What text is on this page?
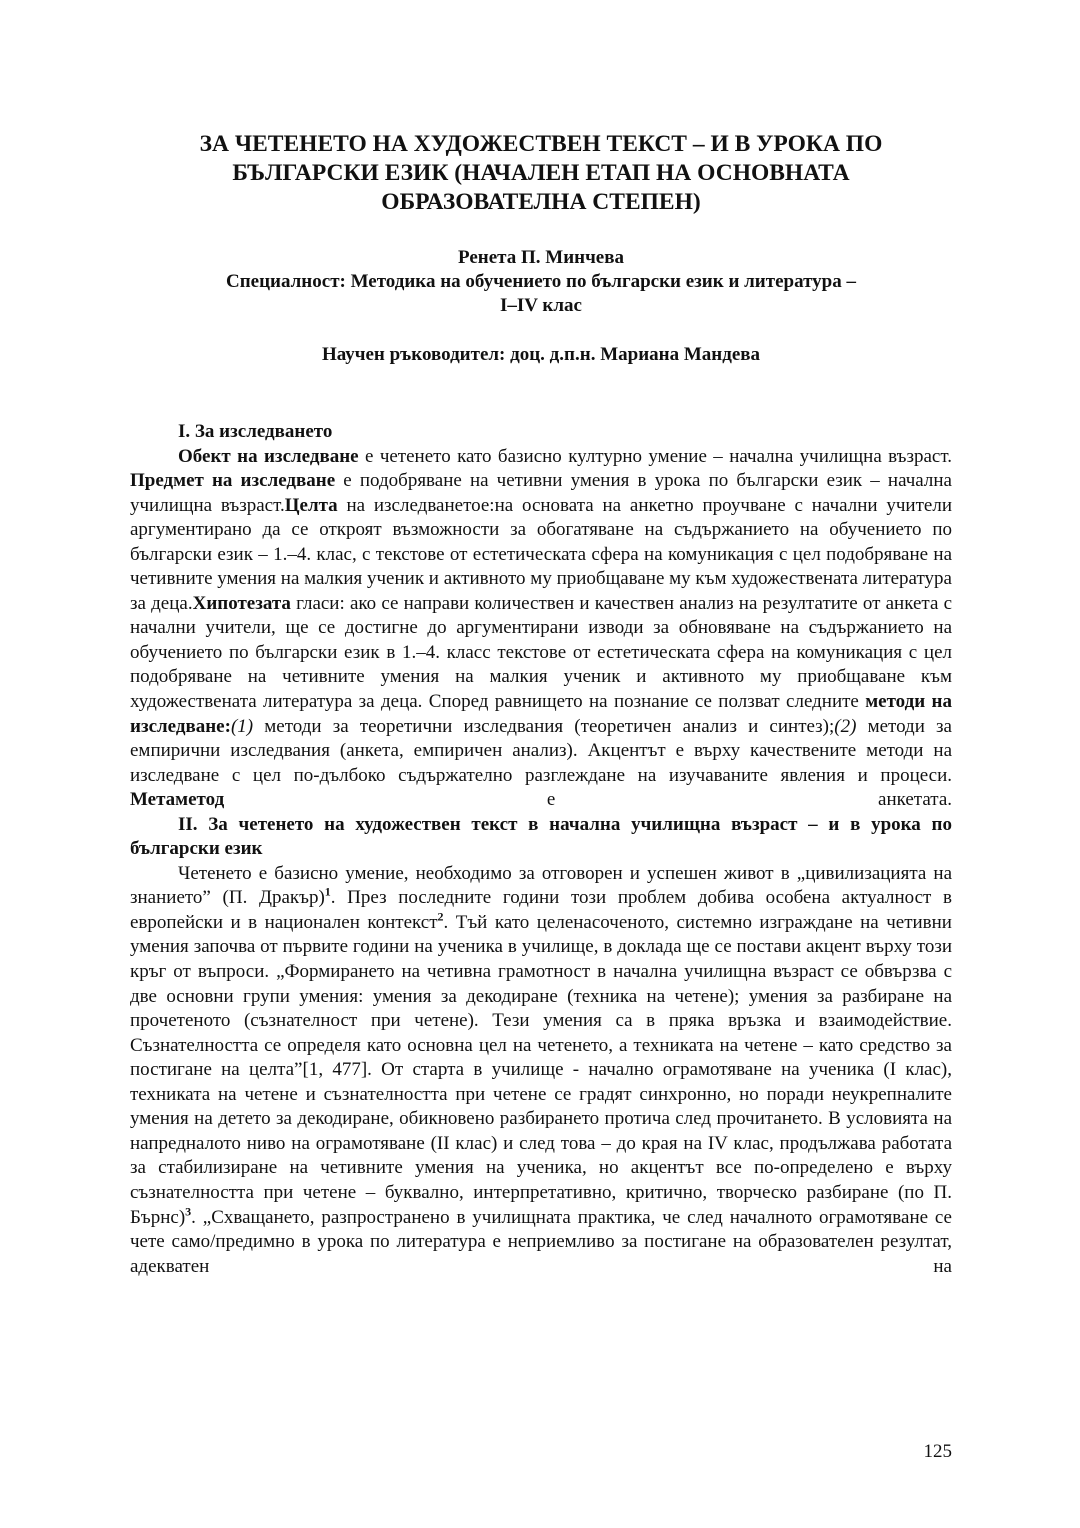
ЗА ЧЕТЕНЕТО НА ХУДОЖЕСТВЕН ТЕКСТ – И В УРОКА ПО
БЪЛГАРСКИ ЕЗИК (НАЧАЛЕН ЕТАП НА ОСНОВНАТА
ОБРАЗОВАТЕЛНА СТЕПЕН)
Ренета П. Минчева
Специалност: Методика на обучението по български език и литература –
I–IV клас
Научен ръководител: доц. д.п.н. Мариана Мандева

I. За изследването

Обект на изследване е четенето като базисно културно умение – начална училищна възраст. Предмет на изследване е подобряване на четивни умения в урока по български език – начална училищна възраст.Целта на изследванетое:на основата на анкетно проучване с начални учители аргументирано да се откроят възможности за обогатяване на съдържанието на обучението по български език – 1.–4. клас, с текстове от естетическата сфера на комуникация с цел подобряване на четивните умения на малкия ученик и активното му приобщаване му към художествената литература за деца.Хипотезата гласи: ако се направи количествен и качествен анализ на резултатите от анкета с начални учители, ще се достигне до аргументирани изводи за обновяване на съдържанието на обучението по български език в 1.–4. класс текстове от естетическата сфера на комуникация с цел подобряване на четивните умения на малкия ученик и активното му приобщаване към художествената литература за деца. Според равнището на познание се ползват следните методи на изследване:(1) методи за теоретични изследвания (теоретичен анализ и синтез);(2) методи за емпирични изследвания (анкета, емпиричен анализ). Акцентът е върху качествените методи на изследване с цел по-дълбоко съдържателно разглеждане на изучаваните явления и процеси. Метаметод е анкетата.

II. За четенето на художествен текст в начална училищна възраст – и в урока по български език

Четенето е базисно умение, необходимо за отговорен и успешен живот в „цивилизацията на знанието” (П. Дракър)$^1$. През последните години този проблем добива особена актуалност в европейски и в национален контекст$^2$. Тъй като целенасоченото, системно изграждане на четивни умения започва от първите години на ученика в училище, в доклада ще се постави акцент върху този кръг от въпроси. „Формирането на четивна грамотност в начална училищна възраст се обвързва с две основни групи умения: умения за декодиране (техника на четене); умения за разбиране на прочетеното (съзнателност при четене). Тези умения са в пряка връзка и взаимодействие. Съзнателността се определя като основна цел на четенето, а техниката на четене – като средство за постигане на целта”[1, 477]. От старта в училище - начално ограмотяване на ученика (I клас), техниката на четене и съзнателността при четене се градят синхронно, но поради неукрепналите умения на детето за декодиране, обикновено разбирането протича след прочитането. В условията на напредналото ниво на ограмотяване (II клас) и след това – до края на IV клас, продължава работата за стабилизиране на четивните умения на ученика, но акцентът все по-определено е върху съзнателността при четене – буквално, интерпретативно, критично, творческо разбиране (по П. Бърнс)$^3$. „Схващането, разпространено в училищната практика, че след началното ограмотяване се чете само/предимно в урока по литература е неприемливо за постигане на образователен резултат, адекватен на

125
